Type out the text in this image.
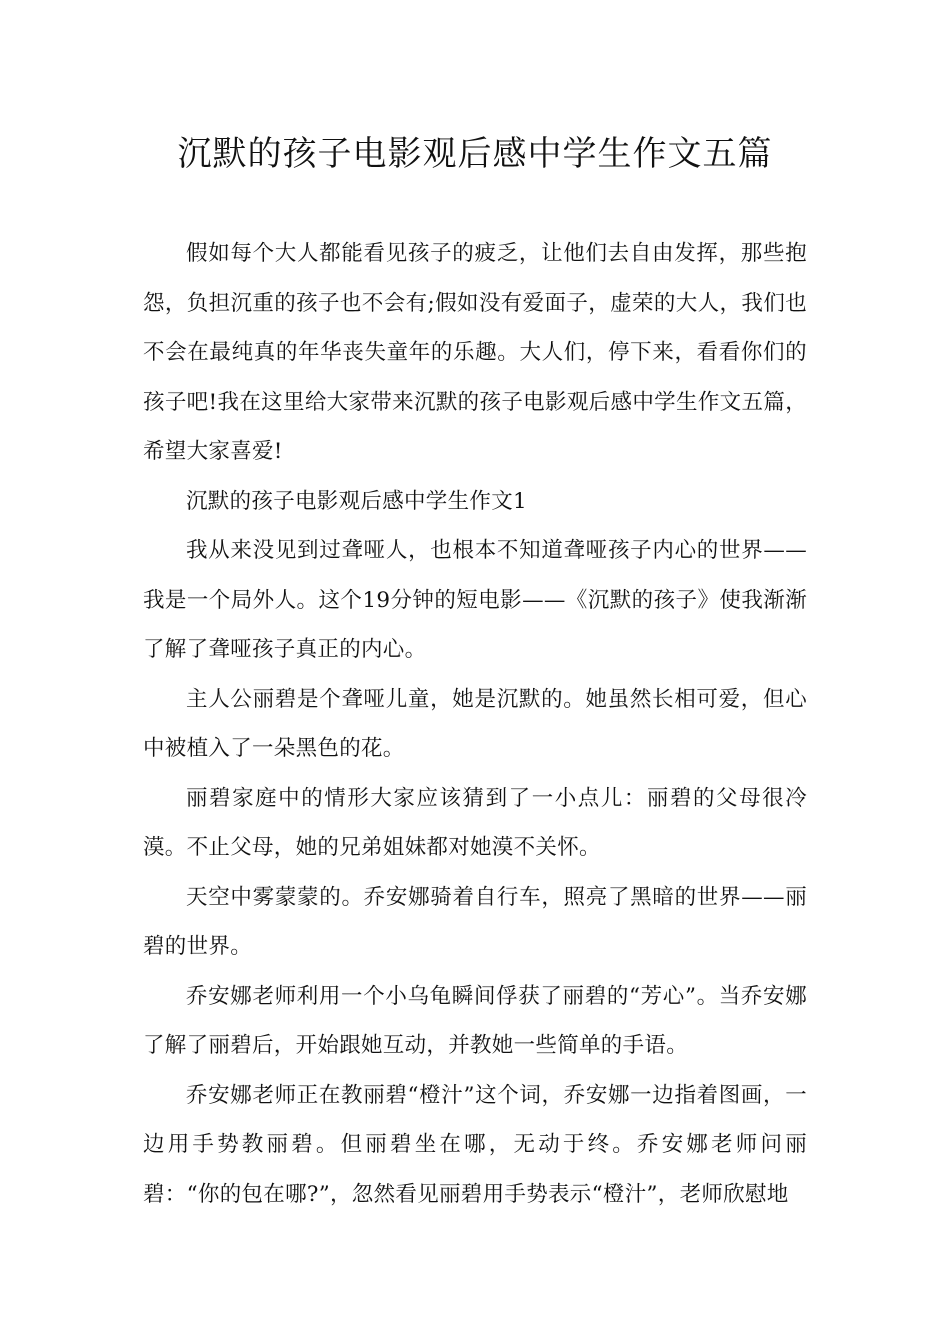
沉默的孩子电影观后感中学生作文五篇

假如每个大人都能看见孩子的疲乏，让他们去自由发挥，那些抱怨，负担沉重的孩子也不会有;假如没有爱面子，虚荣的大人，我们也不会在最纯真的年华丧失童年的乐趣。大人们，停下来，看看你们的孩子吧!我在这里给大家带来沉默的孩子电影观后感中学生作文五篇，希望大家喜爱!

沉默的孩子电影观后感中学生作文1

我从来没见到过聋哑人，也根本不知道聋哑孩子内心的世界——我是一个局外人。这个19分钟的短电影——《沉默的孩子》使我渐渐了解了聋哑孩子真正的内心。

主人公丽碧是个聋哑儿童，她是沉默的。她虽然长相可爱，但心中被植入了一朵黑色的花。

丽碧家庭中的情形大家应该猜到了一小点儿：丽碧的父母很冷漠。不止父母，她的兄弟姐妹都对她漠不关怀。

天空中雾蒙蒙的。乔安娜骑着自行车，照亮了黑暗的世界——丽碧的世界。

乔安娜老师利用一个小乌龟瞬间俘获了丽碧的“芳心”。当乔安娜了解了丽碧后，开始跟她互动，并教她一些简单的手语。

乔安娜老师正在教丽碧“橙汁”这个词，乔安娜一边指着图画，一边用手势教丽碧。但丽碧坐在哪，无动于终。乔安娜老师问丽碧：“你的包在哪?”，忽然看见丽碧用手势表示“橙汁”，老师欣慰地
